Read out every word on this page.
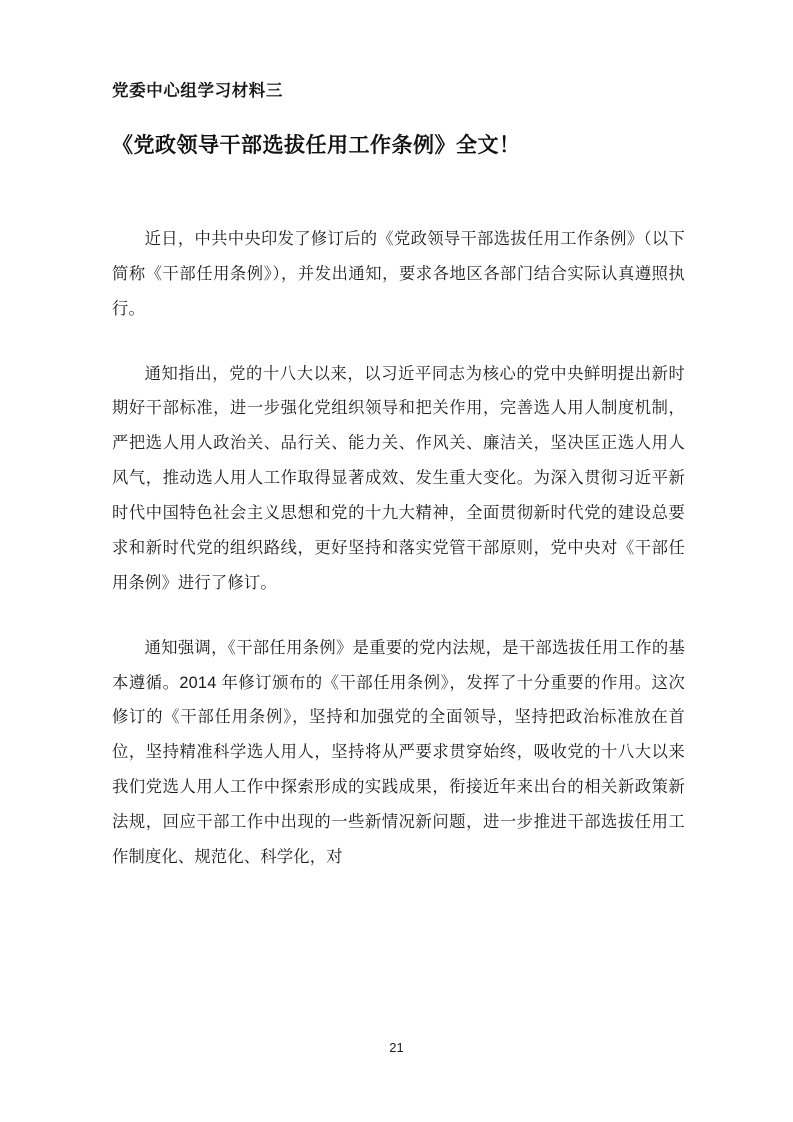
党委中心组学习材料三
《党政领导干部选拔任用工作条例》全文！

近日，中共中央印发了修订后的《党政领导干部选拔任用工作条例》（以下简称《干部任用条例》），并发出通知，要求各地区各部门结合实际认真遵照执行。

通知指出，党的十八大以来，以习近平同志为核心的党中央鲜明提出新时期好干部标准，进一步强化党组织领导和把关作用，完善选人用人制度机制，严把选人用人政治关、品行关、能力关、作风关、廉洁关，坚决匡正选人用人风气，推动选人用人工作取得显著成效、发生重大变化。为深入贯彻习近平新时代中国特色社会主义思想和党的十九大精神，全面贯彻新时代党的建设总要求和新时代党的组织路线，更好坚持和落实党管干部原则，党中央对《干部任用条例》进行了修订。

通知强调，《干部任用条例》是重要的党内法规，是干部选拔任用工作的基本遵循。2014 年修订颁布的《干部任用条例》，发挥了十分重要的作用。这次修订的《干部任用条例》，坚持和加强党的全面领导，坚持把政治标准放在首位，坚持精准科学选人用人，坚持将从严要求贯穿始终，吸收党的十八大以来我们党选人用人工作中探索形成的实践成果，衔接近年来出台的相关新政策新法规，回应干部工作中出现的一些新情况新问题，进一步推进干部选拔任用工作制度化、规范化、科学化，对

21
